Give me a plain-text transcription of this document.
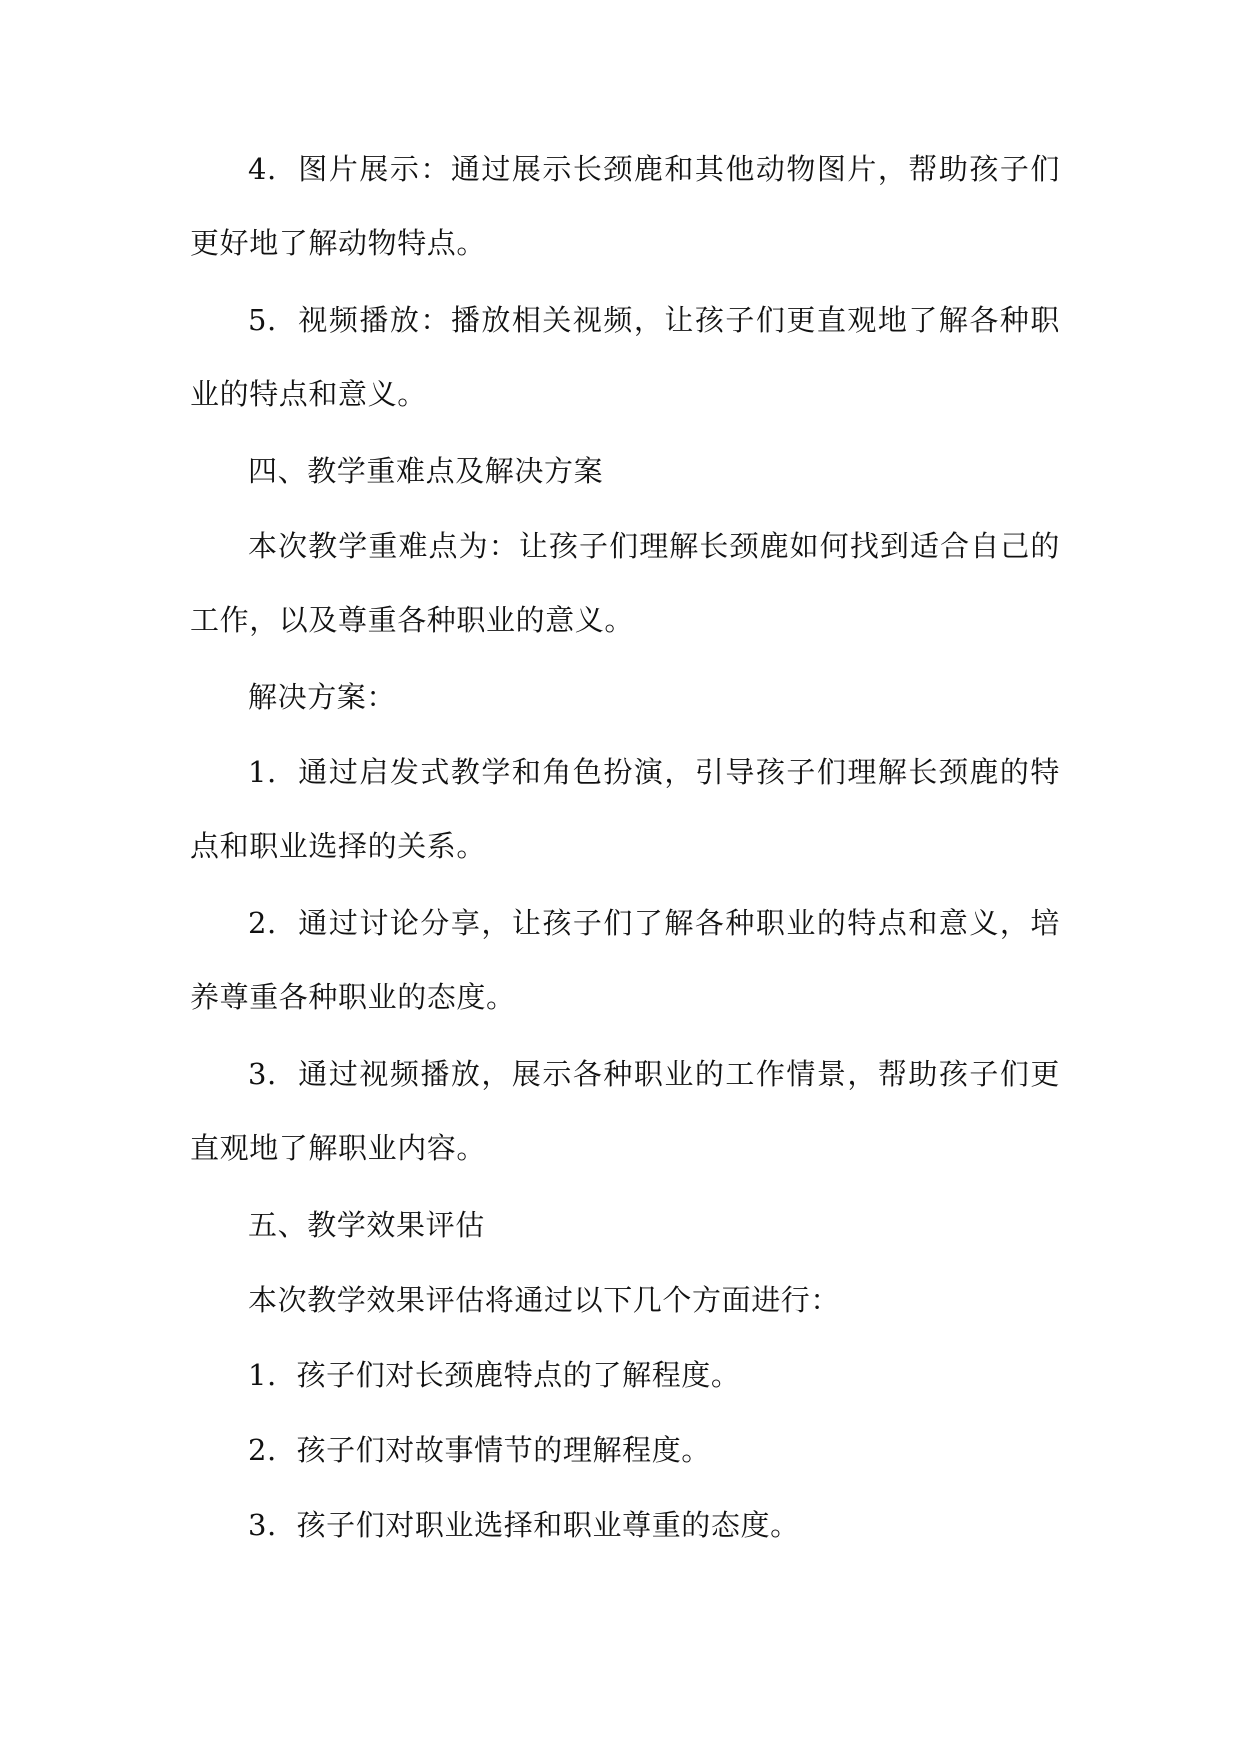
4.  图片展示：通过展示长颈鹿和其他动物图片，帮助孩子们更好地了解动物特点。

5.  视频播放：播放相关视频，让孩子们更直观地了解各种职业的特点和意义。

四、教学重难点及解决方案

本次教学重难点为：让孩子们理解长颈鹿如何找到适合自己的工作，以及尊重各种职业的意义。

解决方案：

1.  通过启发式教学和角色扮演，引导孩子们理解长颈鹿的特点和职业选择的关系。

2.  通过讨论分享，让孩子们了解各种职业的特点和意义，培养尊重各种职业的态度。

3.  通过视频播放，展示各种职业的工作情景，帮助孩子们更直观地了解职业内容。

五、教学效果评估

本次教学效果评估将通过以下几个方面进行：

1.  孩子们对长颈鹿特点的了解程度。

2.  孩子们对故事情节的理解程度。

3.  孩子们对职业选择和职业尊重的态度。
